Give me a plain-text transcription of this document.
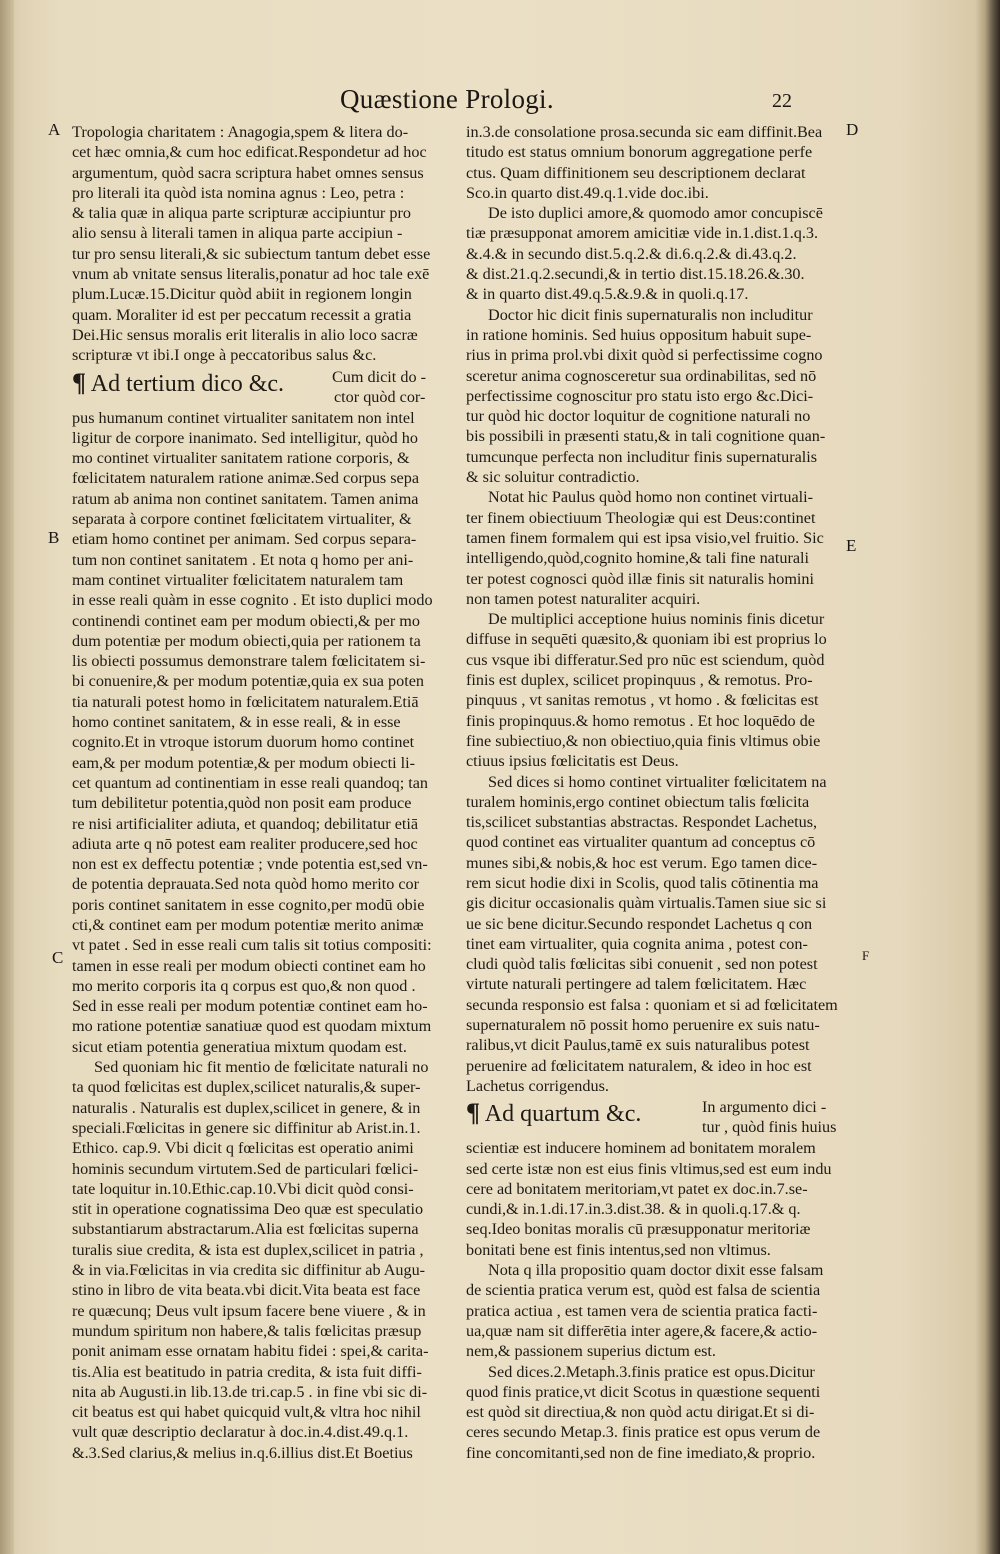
Quæstione Prologi.	22
A
B
C
D
E
F
Tropologia charitatem : Anagogia,spem & litera do-
cet hæc omnia,& cum hoc edificat.Respondetur ad hoc
argumentum, quòd sacra scriptura habet omnes sensus
pro literali ita quòd ista nomina agnus : Leo, petra :
& talia quæ in aliqua parte scripturæ accipiuntur pro
alio sensu à literali tamen in aliqua parte accipiun -
tur pro sensu literali,& sic subiectum tantum debet esse
vnum ab vnitate sensus literalis,ponatur ad hoc tale exē
plum.Lucæ.15.Dicitur quòd abiit in regionem longin
quam. Moraliter id est per peccatum recessit a gratia
Dei.Hic sensus moralis erit literalis in alio loco sacræ
scripturæ vt ibi.I onge à peccatoribus salus &c.
¶ Ad tertium dico &c.	Cum dicit do -
ctor quòd cor-
pus humanum continet virtualiter sanitatem non intel
ligitur de corpore inanimato. Sed intelligitur, quòd ho
mo continet virtualiter sanitatem ratione corporis, &
fœlicitatem naturalem ratione animæ.Sed corpus sepa
ratum ab anima non continet sanitatem. Tamen anima
separata à corpore continet fœlicitatem virtualiter, &
etiam homo continet per animam. Sed corpus separa-
tum non continet sanitatem . Et nota q homo per ani-
mam continet virtualiter fœlicitatem naturalem tam
in esse reali quàm in esse cognito . Et isto duplici modo
continendi continet eam per modum obiecti,& per mo
dum potentiæ per modum obiecti,quia per rationem ta
lis obiecti possumus demonstrare talem fœlicitatem si-
bi conuenire,& per modum potentiæ,quia ex sua poten
tia naturali potest homo in fœlicitatem naturalem.Etiā
homo continet sanitatem, & in esse reali, & in esse
cognito.Et in vtroque istorum duorum homo continet
eam,& per modum potentiæ,& per modum obiecti li-
cet quantum ad continentiam in esse reali quandoq; tan
tum debilitetur potentia,quòd non posit eam produce
re nisi artificialiter adiuta, et quandoq; debilitatur etiā
adiuta arte q nō potest eam realiter producere,sed hoc
non est ex deffectu potentiæ ; vnde potentia est,sed vn-
de potentia deprauata.Sed nota quòd homo merito cor
poris continet sanitatem in esse cognito,per modū obie
cti,& continet eam per modum potentiæ merito animæ
vt patet . Sed in esse reali cum talis sit totius compositi:
tamen in esse reali per modum obiecti continet eam ho
mo merito corporis ita q corpus est quo,& non quod .
Sed in esse reali per modum potentiæ continet eam ho-
mo ratione potentiæ sanatiuæ quod est quodam mixtum
sicut etiam potentia generatiua mixtum quodam est.
Sed quoniam hic fit mentio de fœlicitate naturali no
ta quod fœlicitas est duplex,scilicet naturalis,& super-
naturalis . Naturalis est duplex,scilicet in genere, & in
speciali.Fœlicitas in genere sic diffinitur ab Arist.in.1.
Ethico. cap.9. Vbi dicit q fœlicitas est operatio animi
hominis secundum virtutem.Sed de particulari fœlici-
tate loquitur in.10.Ethic.cap.10.Vbi dicit quòd consi-
stit in operatione cognatissima Deo quæ est speculatio
substantiarum abstractarum.Alia est fœlicitas superna
turalis siue credita, & ista est duplex,scilicet in patria ,
& in via.Fœlicitas in via credita sic diffinitur ab Augu-
stino in libro de vita beata.vbi dicit.Vita beata est face
re quæcunq; Deus vult ipsum facere bene viuere , & in
mundum spiritum non habere,& talis fœlicitas præsup
ponit animam esse ornatam habitu fidei : spei,& carita-
tis.Alia est beatitudo in patria credita, & ista fuit diffi-
nita ab Augusti.in lib.13.de tri.cap.5 . in fine vbi sic di-
cit beatus est qui habet quicquid vult,& vltra hoc nihil
vult quæ descriptio declaratur à doc.in.4.dist.49.q.1.
&.3.Sed clarius,& melius in.q.6.illius dist.Et Boetius
in.3.de consolatione prosa.secunda sic eam diffinit.Bea
titudo est status omnium bonorum aggregatione perfe
ctus. Quam diffinitionem seu descriptionem declarat
Sco.in quarto dist.49.q.1.vide doc.ibi.
De isto duplici amore,& quomodo amor concupiscē
tiæ præsupponat amorem amicitiæ vide in.1.dist.1.q.3.
&.4.& in secundo dist.5.q.2.& di.6.q.2.& di.43.q.2.
& dist.21.q.2.secundi,& in tertio dist.15.18.26.&.30.
& in quarto dist.49.q.5.&.9.& in quoli.q.17.
Doctor hic dicit finis supernaturalis non includitur
in ratione hominis. Sed huius oppositum habuit supe-
rius in prima prol.vbi dixit quòd si perfectissime cogno
sceretur anima cognosceretur sua ordinabilitas, sed nō
perfectissime cognoscitur pro statu isto ergo &c.Dici-
tur quòd hic doctor loquitur de cognitione naturali no
bis possibili in præsenti statu,& in tali cognitione quan-
tumcunque perfecta non includitur finis supernaturalis
& sic soluitur contradictio.
Notat hic Paulus quòd homo non continet virtuali-
ter finem obiectiuum Theologiæ qui est Deus:continet
tamen finem formalem qui est ipsa visio,vel fruitio. Sic
intelligendo,quòd,cognito homine,& tali fine naturali
ter potest cognosci quòd illæ finis sit naturalis homini
non tamen potest naturaliter acquiri.
De multiplici acceptione huius nominis finis dicetur
diffuse in sequēti quæsito,& quoniam ibi est proprius lo
cus vsque ibi differatur.Sed pro nūc est sciendum, quòd
finis est duplex, scilicet propinquus , & remotus. Pro-
pinquus , vt sanitas remotus , vt homo . & fœlicitas est
finis propinquus.& homo remotus . Et hoc loquēdo de
fine subiectiuo,& non obiectiuo,quia finis vltimus obie
ctiuus ipsius fœlicitatis est Deus.
Sed dices si homo continet virtualiter fœlicitatem na
turalem hominis,ergo continet obiectum talis fœlicita
tis,scilicet substantias abstractas. Respondet Lachetus,
quod continet eas virtualiter quantum ad conceptus cō
munes sibi,& nobis,& hoc est verum. Ego tamen dice-
rem sicut hodie dixi in Scolis, quod talis cōtinentia ma
gis dicitur occasionalis quàm virtualis.Tamen siue sic si
ue sic bene dicitur.Secundo respondet Lachetus q con
tinet eam virtualiter, quia cognita anima , potest con-
cludi quòd talis fœlicitas sibi conuenit , sed non potest
virtute naturali pertingere ad talem fœlicitatem. Hæc
secunda responsio est falsa : quoniam et si ad fœlicitatem
supernaturalem nō possit homo peruenire ex suis natu-
ralibus,vt dicit Paulus,tamē ex suis naturalibus potest
peruenire ad fœlicitatem naturalem, & ideo in hoc est
Lachetus corrigendus.
¶ Ad quartum &c.	In argumento dici -
tur , quòd finis huius
scientiæ est inducere hominem ad bonitatem moralem
sed certe istæ non est eius finis vltimus,sed est eum indu
cere ad bonitatem meritoriam,vt patet ex doc.in.7.se-
cundi,& in.1.di.17.in.3.dist.38. & in quoli.q.17.& q.
seq.Ideo bonitas moralis cū præsupponatur meritoriæ
bonitati bene est finis intentus,sed non vltimus.
Nota q illa propositio quam doctor dixit esse falsam
de scientia pratica verum est, quòd est falsa de scientia
pratica actiua , est tamen vera de scientia pratica facti-
ua,quæ nam sit differētia inter agere,& facere,& actio-
nem,& passionem superius dictum est.
Sed dices.2.Metaph.3.finis pratice est opus.Dicitur
quod finis pratice,vt dicit Scotus in quæstione sequenti
est quòd sit directiua,& non quòd actu dirigat.Et si di-
ceres secundo Metap.3. finis pratice est opus verum de
fine concomitanti,sed non de fine imediato,& proprio.
